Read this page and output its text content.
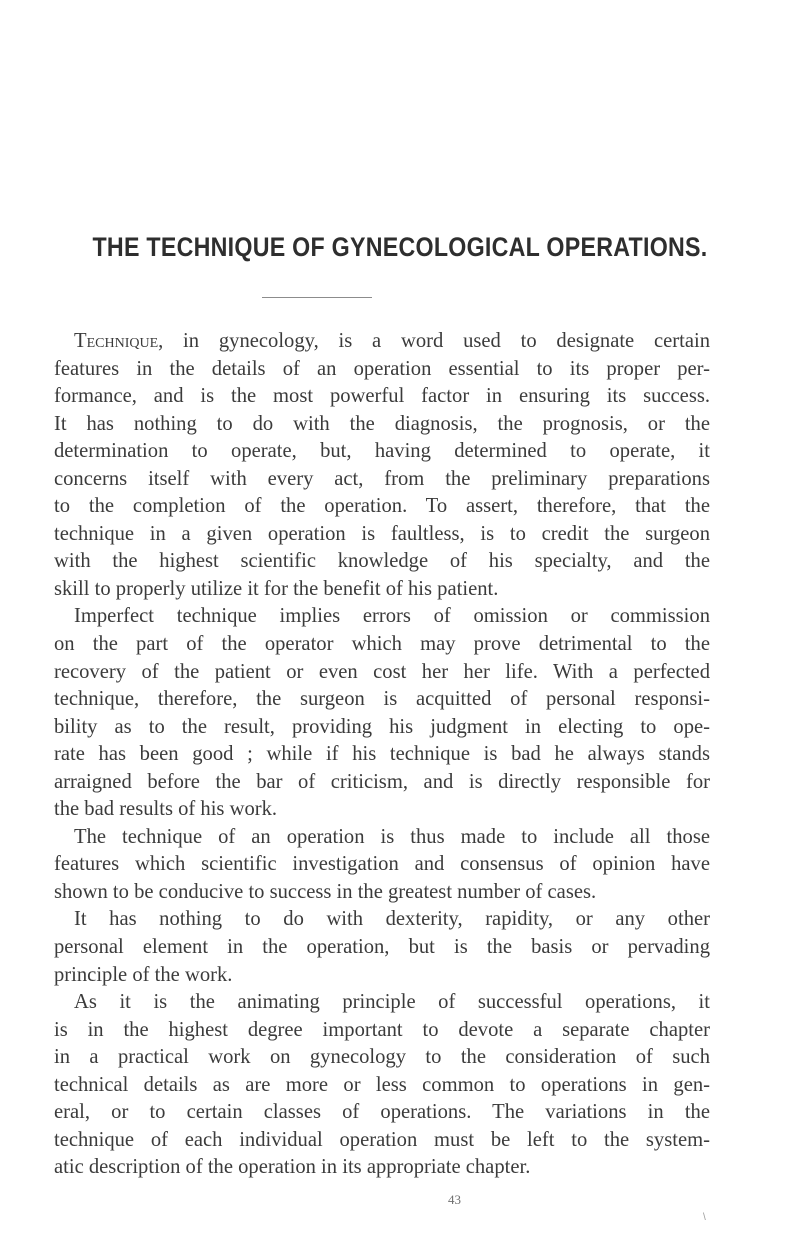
THE TECHNIQUE OF GYNECOLOGICAL OPERATIONS.
Technique, in gynecology, is a word used to designate certain
features in the details of an operation essential to its proper per-
formance, and is the most powerful factor in ensuring its success.
It has nothing to do with the diagnosis, the prognosis, or the
determination to operate, but, having determined to operate, it
concerns itself with every act, from the preliminary preparations
to the completion of the operation. To assert, therefore, that the
technique in a given operation is faultless, is to credit the surgeon
with the highest scientific knowledge of his specialty, and the
skill to properly utilize it for the benefit of his patient.
Imperfect technique implies errors of omission or commission
on the part of the operator which may prove detrimental to the
recovery of the patient or even cost her her life. With a perfected
technique, therefore, the surgeon is acquitted of personal responsi-
bility as to the result, providing his judgment in electing to ope-
rate has been good ; while if his technique is bad he always stands
arraigned before the bar of criticism, and is directly responsible for
the bad results of his work.
The technique of an operation is thus made to include all those
features which scientific investigation and consensus of opinion have
shown to be conducive to success in the greatest number of cases.
It has nothing to do with dexterity, rapidity, or any other
personal element in the operation, but is the basis or pervading
principle of the work.
As it is the animating principle of successful operations, it
is in the highest degree important to devote a separate chapter
in a practical work on gynecology to the consideration of such
technical details as are more or less common to operations in gen-
eral, or to certain classes of operations. The variations in the
technique of each individual operation must be left to the system-
atic description of the operation in its appropriate chapter.
43
\
